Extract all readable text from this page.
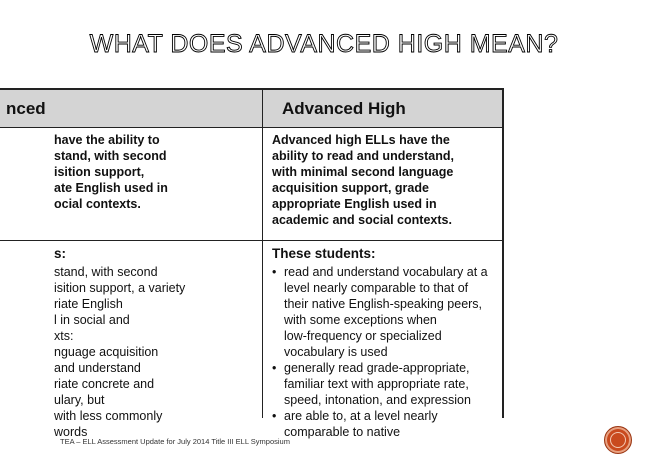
WHAT DOES ADVANCED HIGH MEAN?
nced	Advanced High
have the ability to
stand, with second
isition support,
ate English used in
ocial contexts.
Advanced high ELLs have the
ability to read and understand,
with minimal second language
acquisition support, grade
appropriate English used in
academic and social contexts.
s:
stand, with second
isition support, a variety
riate English
l in social and
xts:
nguage acquisition
and understand
riate concrete and
ulary, but
with less commonly
words
These students:
• read and understand vocabulary at a
level nearly comparable to that of
their native English-speaking peers,
with some exceptions when
low-frequency or specialized
vocabulary is used
• generally read grade-appropriate,
familiar text with appropriate rate,
speed, intonation, and expression
• are able to, at a level nearly
comparable to native
TEA – ELL Assessment Update for July 2014 Title III ELL Symposium
